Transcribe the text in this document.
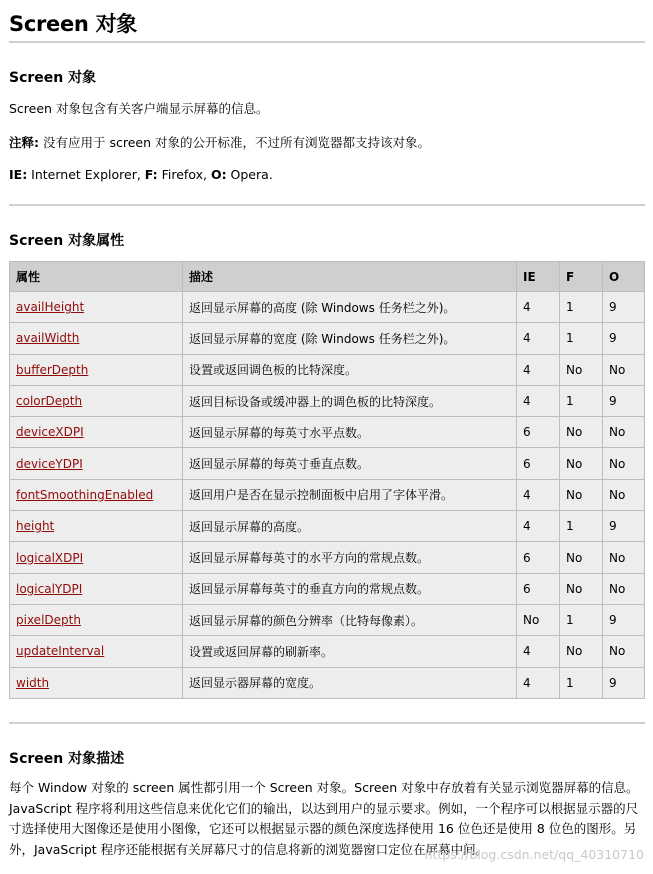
Screen 对象
Screen 对象

Screen 对象包含有关客户端显示屏幕的信息。

注释: 没有应用于 screen 对象的公开标准，不过所有浏览器都支持该对象。

IE: Internet Explorer, F: Firefox, O: Opera.

Screen 对象属性
属性	描述	IE	F	O
availHeight	返回显示屏幕的高度 (除 Windows 任务栏之外)。	4	1	9
availWidth	返回显示屏幕的宽度 (除 Windows 任务栏之外)。	4	1	9
bufferDepth	设置或返回调色板的比特深度。	4	No	No
colorDepth	返回目标设备或缓冲器上的调色板的比特深度。	4	1	9
deviceXDPI	返回显示屏幕的每英寸水平点数。	6	No	No
deviceYDPI	返回显示屏幕的每英寸垂直点数。	6	No	No
fontSmoothingEnabled	返回用户是否在显示控制面板中启用了字体平滑。	4	No	No
height	返回显示屏幕的高度。	4	1	9
logicalXDPI	返回显示屏幕每英寸的水平方向的常规点数。	6	No	No
logicalYDPI	返回显示屏幕每英寸的垂直方向的常规点数。	6	No	No
pixelDepth	返回显示屏幕的颜色分辨率（比特每像素）。	No	1	9
updateInterval	设置或返回屏幕的刷新率。	4	No	No
width	返回显示器屏幕的宽度。	4	1	9
Screen 对象描述

每个 Window 对象的 screen 属性都引用一个 Screen 对象。Screen 对象中存放着有关显示浏览器屏幕的信息。JavaScript 程序将利用这些信息来优化它们的输出，以达到用户的显示要求。例如，一个程序可以根据显示器的尺寸选择使用大图像还是使用小图像，它还可以根据显示器的颜色深度选择使用 16 位色还是使用 8 位色的图形。另外，JavaScript 程序还能根据有关屏幕尺寸的信息将新的浏览器窗口定位在屏幕中间。

https://blog.csdn.net/qq_40310710
